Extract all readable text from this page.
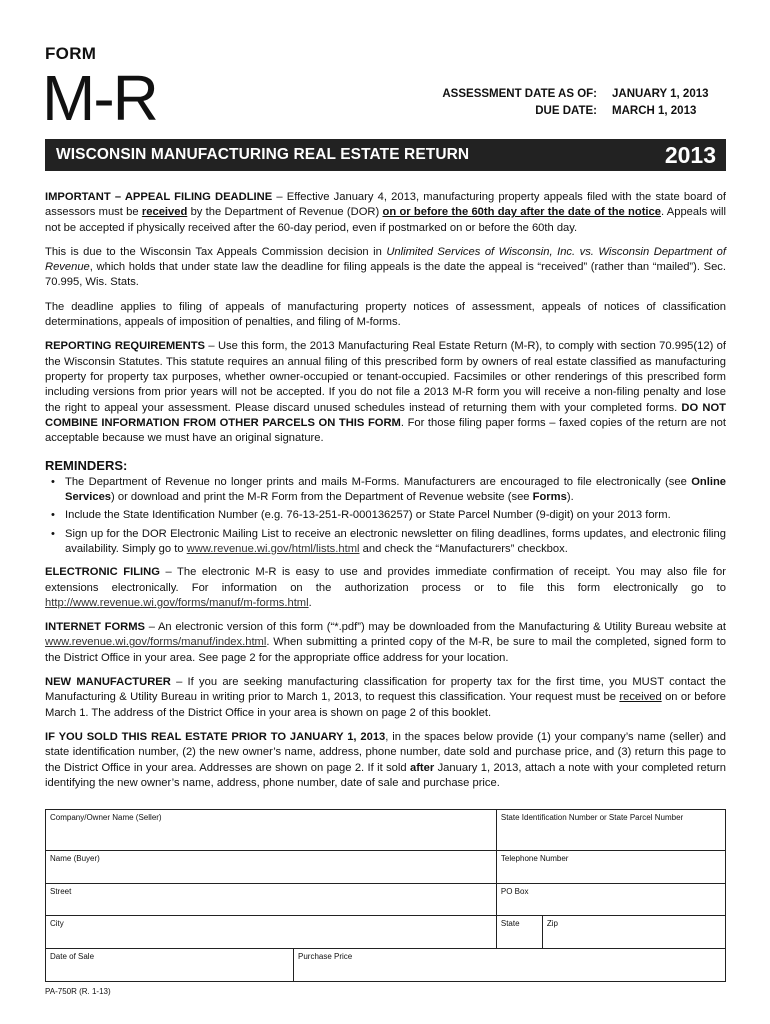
FORM
M-R	ASSESSMENT DATE AS OF:	JANUARY 1, 2013
DUE DATE:	MARCH 1, 2013
WISCONSIN MANUFACTURING REAL ESTATE RETURN	2013

IMPORTANT – APPEAL FILING DEADLINE – Effective January 4, 2013, manufacturing property appeals filed with the state board of assessors must be received by the Department of Revenue (DOR) on or before the 60th day after the date of the notice. Appeals will not be accepted if physically received after the 60-day period, even if postmarked on or before the 60th day.

This is due to the Wisconsin Tax Appeals Commission decision in Unlimited Services of Wisconsin, Inc. vs. Wisconsin Department of Revenue, which holds that under state law the deadline for filing appeals is the date the appeal is “received” (rather than “mailed”). Sec. 70.995, Wis. Stats.

The deadline applies to filing of appeals of manufacturing property notices of assessment, appeals of notices of classification determinations, appeals of imposition of penalties, and filing of M-forms.

REPORTING REQUIREMENTS – Use this form, the 2013 Manufacturing Real Estate Return (M-R), to comply with section 70.995(12) of the Wisconsin Statutes. This statute requires an annual filing of this prescribed form by owners of real estate classified as manufacturing property for property tax purposes, whether owner-occupied or tenant-occupied. Facsimiles or other renderings of this prescribed form including versions from prior years will not be accepted. If you do not file a 2013 M-R form you will receive a non-filing penalty and lose the right to appeal your assessment. Please discard unused schedules instead of returning them with your completed forms. DO NOT COMBINE INFORMATION FROM OTHER PARCELS ON THIS FORM. For those filing paper forms – faxed copies of the return are not acceptable because we must have an original signature.

REMINDERS:
• The Department of Revenue no longer prints and mails M-Forms. Manufacturers are encouraged to file electronically (see Online Services) or download and print the M-R Form from the Department of Revenue website (see Forms).
• Include the State Identification Number (e.g. 76-13-251-R-000136257) or State Parcel Number (9-digit) on your 2013 form.
• Sign up for the DOR Electronic Mailing List to receive an electronic newsletter on filing deadlines, forms updates, and electronic filing availability. Simply go to www.revenue.wi.gov/html/lists.html and check the “Manufacturers” checkbox.

ELECTRONIC FILING – The electronic M-R is easy to use and provides immediate confirmation of receipt. You may also file for extensions electronically. For information on the authorization process or to file this form electronically go to http://www.revenue.wi.gov/forms/manuf/m-forms.html.

INTERNET FORMS – An electronic version of this form (“*.pdf”) may be downloaded from the Manufacturing & Utility Bureau website at www.revenue.wi.gov/forms/manuf/index.html. When submitting a printed copy of the M-R, be sure to mail the completed, signed form to the District Office in your area. See page 2 for the appropriate office address for your location.

NEW MANUFACTURER – If you are seeking manufacturing classification for property tax for the first time, you MUST contact the Manufacturing & Utility Bureau in writing prior to March 1, 2013, to request this classification. Your request must be received on or before March 1. The address of the District Office in your area is shown on page 2 of this booklet.

IF YOU SOLD THIS REAL ESTATE PRIOR TO JANUARY 1, 2013, in the spaces below provide (1) your company’s name (seller) and state identification number, (2) the new owner’s name, address, phone number, date sold and purchase price, and (3) return this page to the District Office in your area. Addresses are shown on page 2. If it sold after January 1, 2013, attach a note with your completed return identifying the new owner’s name, address, phone number, date of sale and purchase price.

Company/Owner Name (Seller)		State Identification Number or State Parcel Number	
Name (Buyer)		Telephone Number	
Street		PO Box	
City		State	Zip
Date of Sale	Purchase Price		
PA-750R (R. 1-13)
